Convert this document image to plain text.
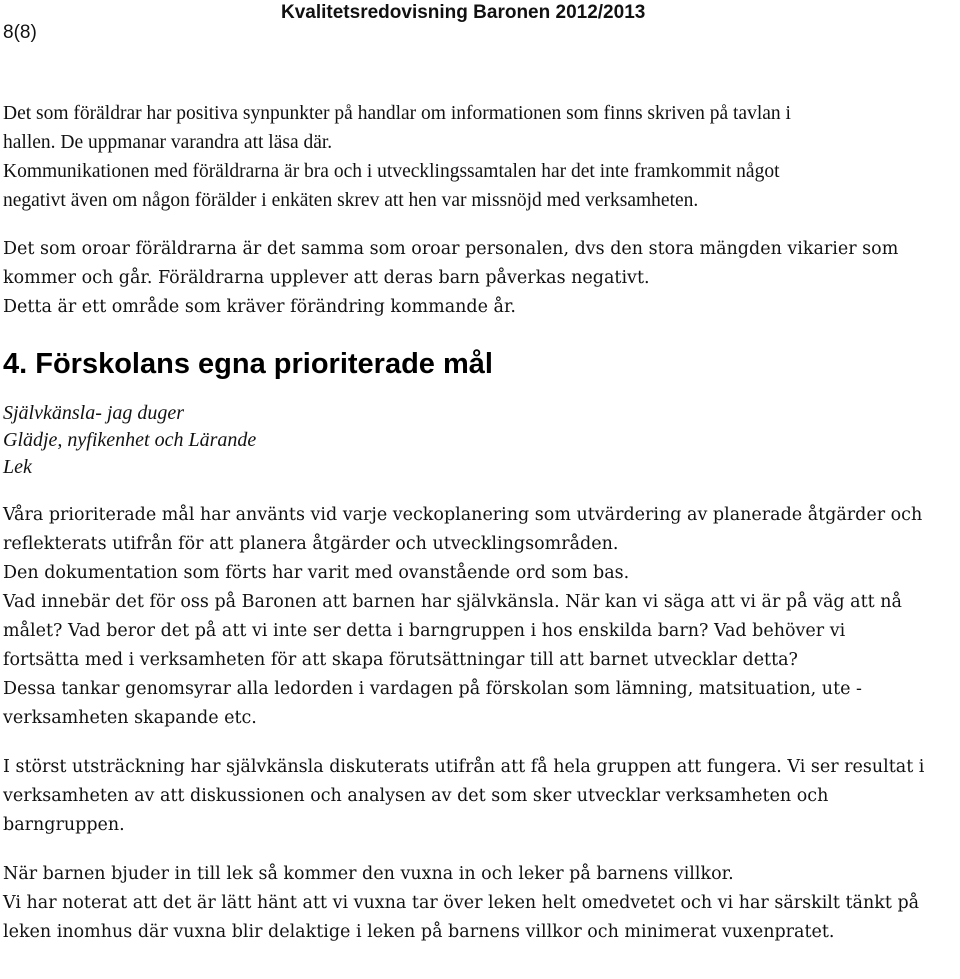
8(8)
Kvalitetsredovisning Baronen 2012/2013

Det som föräldrar har positiva synpunkter på handlar om informationen som finns skriven på tavlan i
hallen. De uppmanar varandra att läsa där.
Kommunikationen med föräldrarna är bra och i utvecklingssamtalen har det inte framkommit något
negativt även om någon förälder i enkäten skrev att hen var missnöjd med verksamheten.

Det som oroar föräldrarna är det samma som oroar personalen, dvs den stora mängden vikarier som
kommer och går. Föräldrarna upplever att deras barn påverkas negativt.
Detta är ett område som kräver förändring kommande år.

4. Förskolans egna prioriterade mål
Självkänsla- jag duger
Glädje, nyfikenhet och Lärande
Lek

Våra prioriterade mål har använts vid varje veckoplanering som utvärdering av planerade åtgärder och
reflekterats utifrån för att planera åtgärder och utvecklingsområden.
Den dokumentation som förts har varit med ovanstående ord som bas.
Vad innebär det för oss på Baronen att barnen har självkänsla. När kan vi säga att vi är på väg att nå
målet? Vad beror det på att vi inte ser detta i barngruppen i hos enskilda barn? Vad behöver vi
fortsätta med i verksamheten för att skapa förutsättningar till att barnet utvecklar detta?
Dessa tankar genomsyrar alla ledorden i vardagen på förskolan som lämning, matsituation, ute -
verksamheten skapande etc.

I störst utsträckning har självkänsla diskuterats utifrån att få hela gruppen att fungera. Vi ser resultat i
verksamheten av att diskussionen och analysen av det som sker utvecklar verksamheten och
barngruppen.

När barnen bjuder in till lek så kommer den vuxna in och leker på barnens villkor.
Vi har noterat att det är lätt hänt att vi vuxna tar över leken helt omedvetet och vi har särskilt tänkt på
leken inomhus där vuxna blir delaktige i leken på barnens villkor och minimerat vuxenpratet.
